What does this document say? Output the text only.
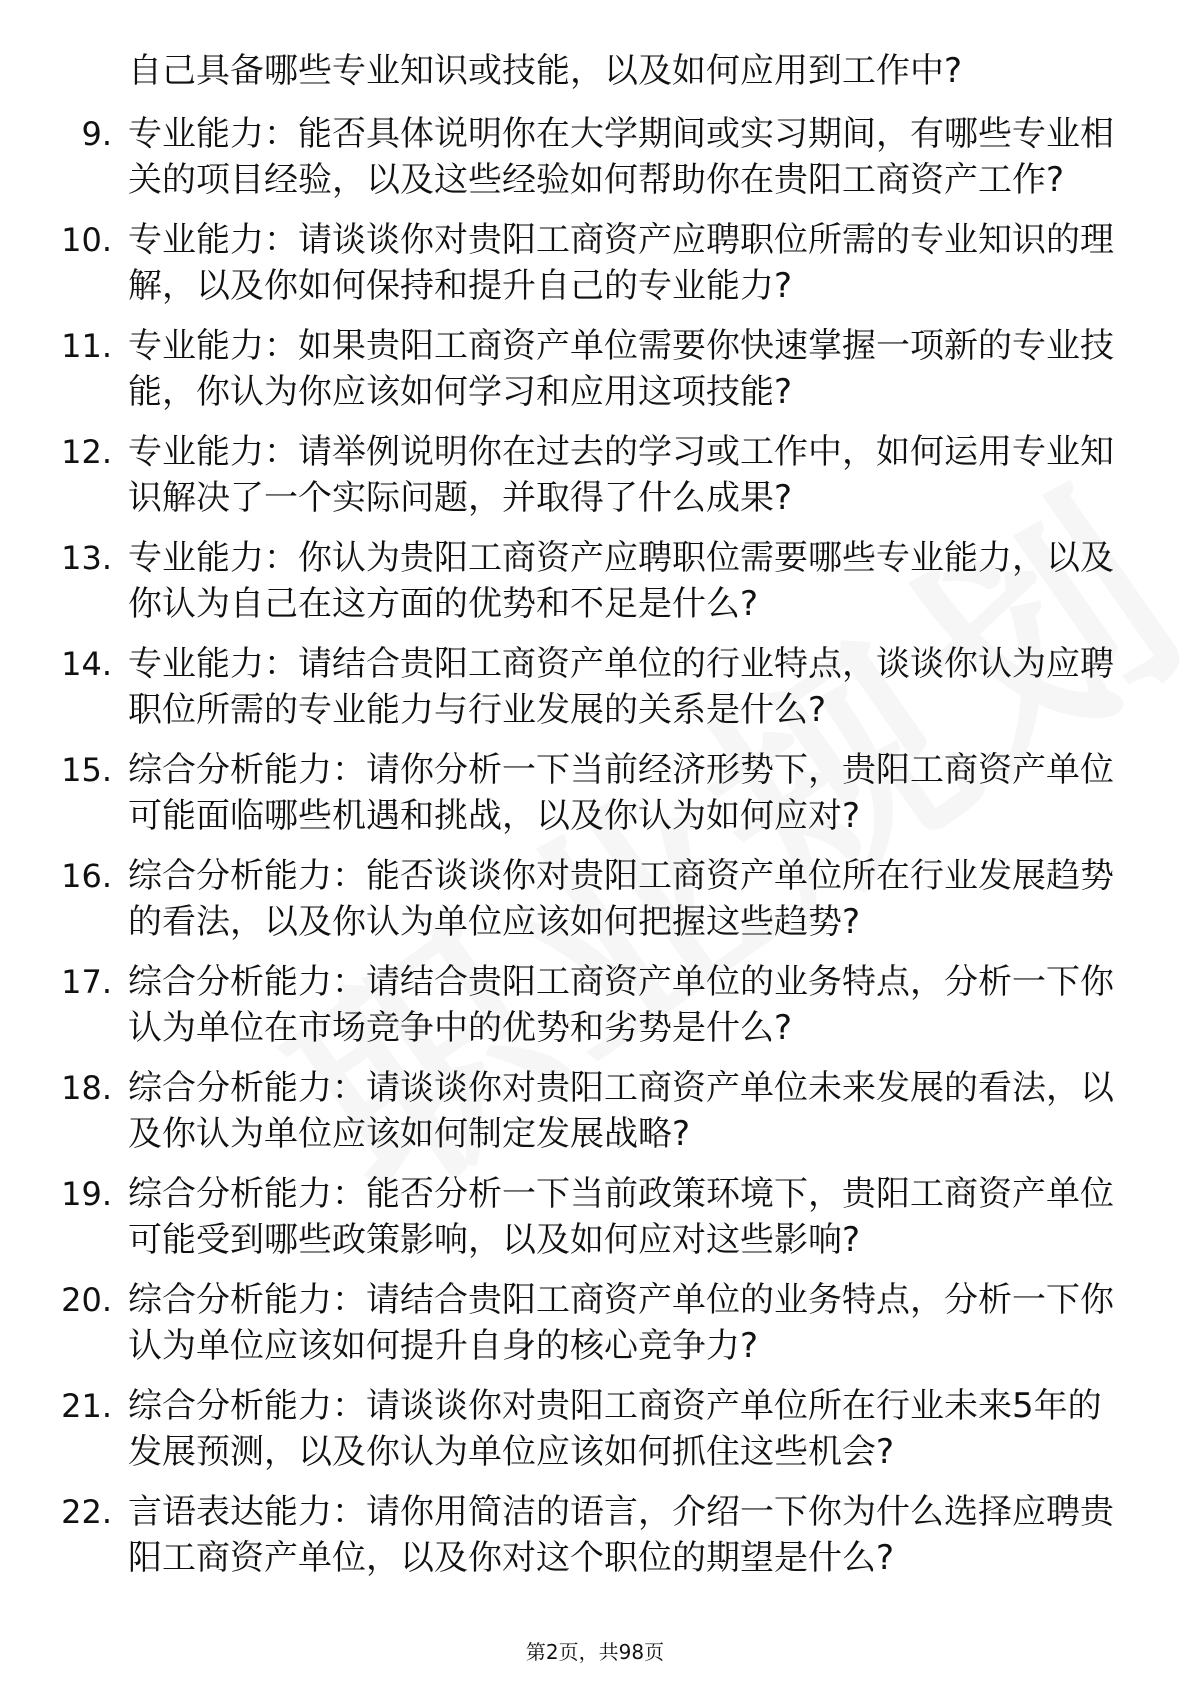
自己具备哪些专业知识或技能，以及如何应用到工作中?
9. 专业能力：能否具体说明你在大学期间或实习期间，有哪些专业相关的项目经验，以及这些经验如何帮助你在贵阳工商资产工作?
10. 专业能力：请谈谈你对贵阳工商资产应聘职位所需的专业知识的理解，以及你如何保持和提升自己的专业能力?
11. 专业能力：如果贵阳工商资产单位需要你快速掌握一项新的专业技能，你认为你应该如何学习和应用这项技能?
12. 专业能力：请举例说明你在过去的学习或工作中，如何运用专业知识解决了一个实际问题，并取得了什么成果?
13. 专业能力：你认为贵阳工商资产应聘职位需要哪些专业能力，以及你认为自己在这方面的优势和不足是什么?
14. 专业能力：请结合贵阳工商资产单位的行业特点，谈谈你认为应聘职位所需的专业能力与行业发展的关系是什么?
15. 综合分析能力：请你分析一下当前经济形势下，贵阳工商资产单位可能面临哪些机遇和挑战，以及你认为如何应对?
16. 综合分析能力：能否谈谈你对贵阳工商资产单位所在行业发展趋势的看法，以及你认为单位应该如何把握这些趋势?
17. 综合分析能力：请结合贵阳工商资产单位的业务特点，分析一下你认为单位在市场竞争中的优势和劣势是什么?
18. 综合分析能力：请谈谈你对贵阳工商资产单位未来发展的看法，以及你认为单位应该如何制定发展战略?
19. 综合分析能力：能否分析一下当前政策环境下，贵阳工商资产单位可能受到哪些政策影响，以及如何应对这些影响?
20. 综合分析能力：请结合贵阳工商资产单位的业务特点，分析一下你认为单位应该如何提升自身的核心竞争力?
21. 综合分析能力：请谈谈你对贵阳工商资产单位所在行业未来5年的发展预测，以及你认为单位应该如何抓住这些机会?
22. 言语表达能力：请你用简洁的语言，介绍一下你为什么选择应聘贵阳工商资产单位，以及你对这个职位的期望是什么?
第2页，共98页
